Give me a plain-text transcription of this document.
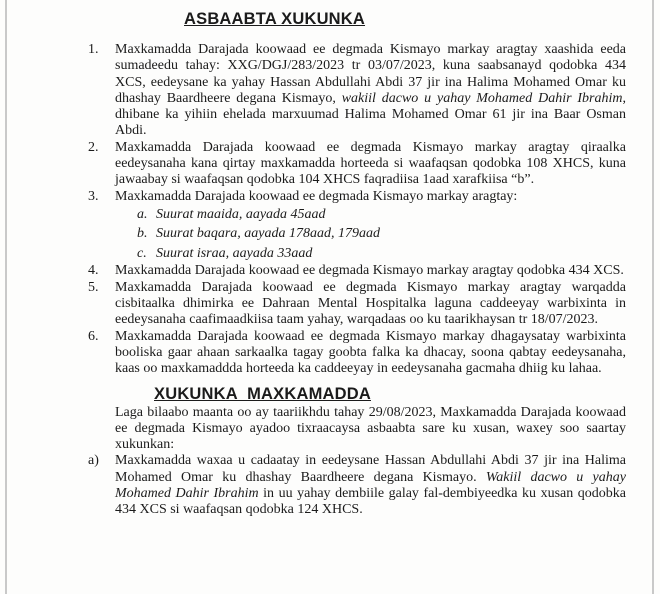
ASBAABTA XUKUNKA
1.	Maxkamadda Darajada koowaad ee degmada Kismayo markay aragtay xaashida eeda sumadeedu tahay: XXG/DGJ/283/2023 tr 03/07/2023, kuna saabsanayd qodobka 434 XCS, eedeysane ka yahay Hassan Abdullahi Abdi 37 jir ina Halima Mohamed Omar ku dhashay Baardheere degana Kismayo, wakiil dacwo u yahay Mohamed Dahir Ibrahim, dhibane ka yihiin ehelada marxuumad Halima Mohamed Omar 61 jir ina Baar Osman Abdi.
2.	Maxkamadda Darajada koowaad ee degmada Kismayo markay aragtay qiraalka eedeysanaha kana qirtay maxkamadda horteeda si waafaqsan qodobka 108 XHCS, kuna jawaabay si waafaqsan qodobka 104 XHCS faqradiisa 1aad xarafkiisa “b”.
3.	Maxkamadda Darajada koowaad ee degmada Kismayo markay aragtay:
a. Suurat maaida, aayada 45aad
b. Suurat baqara, aayada 178aad, 179aad
c. Suurat israa, aayada 33aad
4.	Maxkamadda Darajada koowaad ee degmada Kismayo markay aragtay qodobka 434 XCS.
5.	Maxkamadda Darajada koowaad ee degmada Kismayo markay aragtay warqadda cisbitaalka dhimirka ee Dahraan Mental Hospitalka laguna caddeeyay warbixinta in eedeysanaha caafimaadkiisa taam yahay, warqadaas oo ku taarikhaysan tr 18/07/2023.
6.	Maxkamadda Darajada koowaad ee degmada Kismayo markay dhagaysatay warbixinta booliska gaar ahaan sarkaalka tagay goobta falka ka dhacay, soona qabtay eedeysanaha, kaas oo maxkamaddda horteeda ka caddeeyay in eedeysanaha gacmaha dhiig ku lahaa.
XUKUNKA MAXKAMADDA
Laga bilaabo maanta oo ay taariikhdu tahay 29/08/2023, Maxkamadda Darajada koowaad ee degmada Kismayo ayadoo tixraacaysa asbaabta sare ku xusan, waxey soo saartay xukunkan:
a)	Maxkamadda waxaa u cadaatay in eedeysane Hassan Abdullahi Abdi 37 jir ina Halima Mohamed Omar ku dhashay Baardheere degana Kismayo. Wakiil dacwo u yahay Mohamed Dahir Ibrahim in uu yahay dembiile galay fal-dembiyeedka ku xusan qodobka 434 XCS si waafaqsan qodobka 124 XHCS.
